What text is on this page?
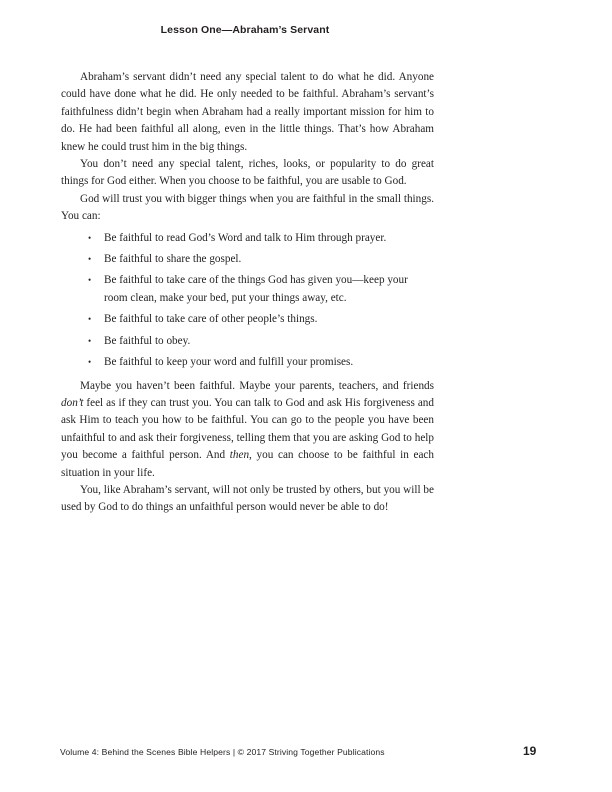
Lesson One—Abraham’s Servant

Abraham’s servant didn’t need any special talent to do what he did. Anyone could have done what he did. He only needed to be faithful. Abraham’s servant’s faithfulness didn’t begin when Abraham had a really important mission for him to do. He had been faithful all along, even in the little things. That’s how Abraham knew he could trust him in the big things.

You don’t need any special talent, riches, looks, or popularity to do great things for God either. When you choose to be faithful, you are usable to God.

God will trust you with bigger things when you are faithful in the small things. You can:

• Be faithful to read God’s Word and talk to Him through prayer.
• Be faithful to share the gospel.
• Be faithful to take care of the things God has given you—keep your room clean, make your bed, put your things away, etc.
• Be faithful to take care of other people’s things.
• Be faithful to obey.
• Be faithful to keep your word and fulfill your promises.

Maybe you haven’t been faithful. Maybe your parents, teachers, and friends don’t feel as if they can trust you. You can talk to God and ask His forgiveness and ask Him to teach you how to be faithful. You can go to the people you have been unfaithful to and ask their forgiveness, telling them that you are asking God to help you become a faithful person. And then, you can choose to be faithful in each situation in your life.

You, like Abraham’s servant, will not only be trusted by others, but you will be used by God to do things an unfaithful person would never be able to do!

Volume 4: Behind the Scenes Bible Helpers | © 2017 Striving Together Publications	19
